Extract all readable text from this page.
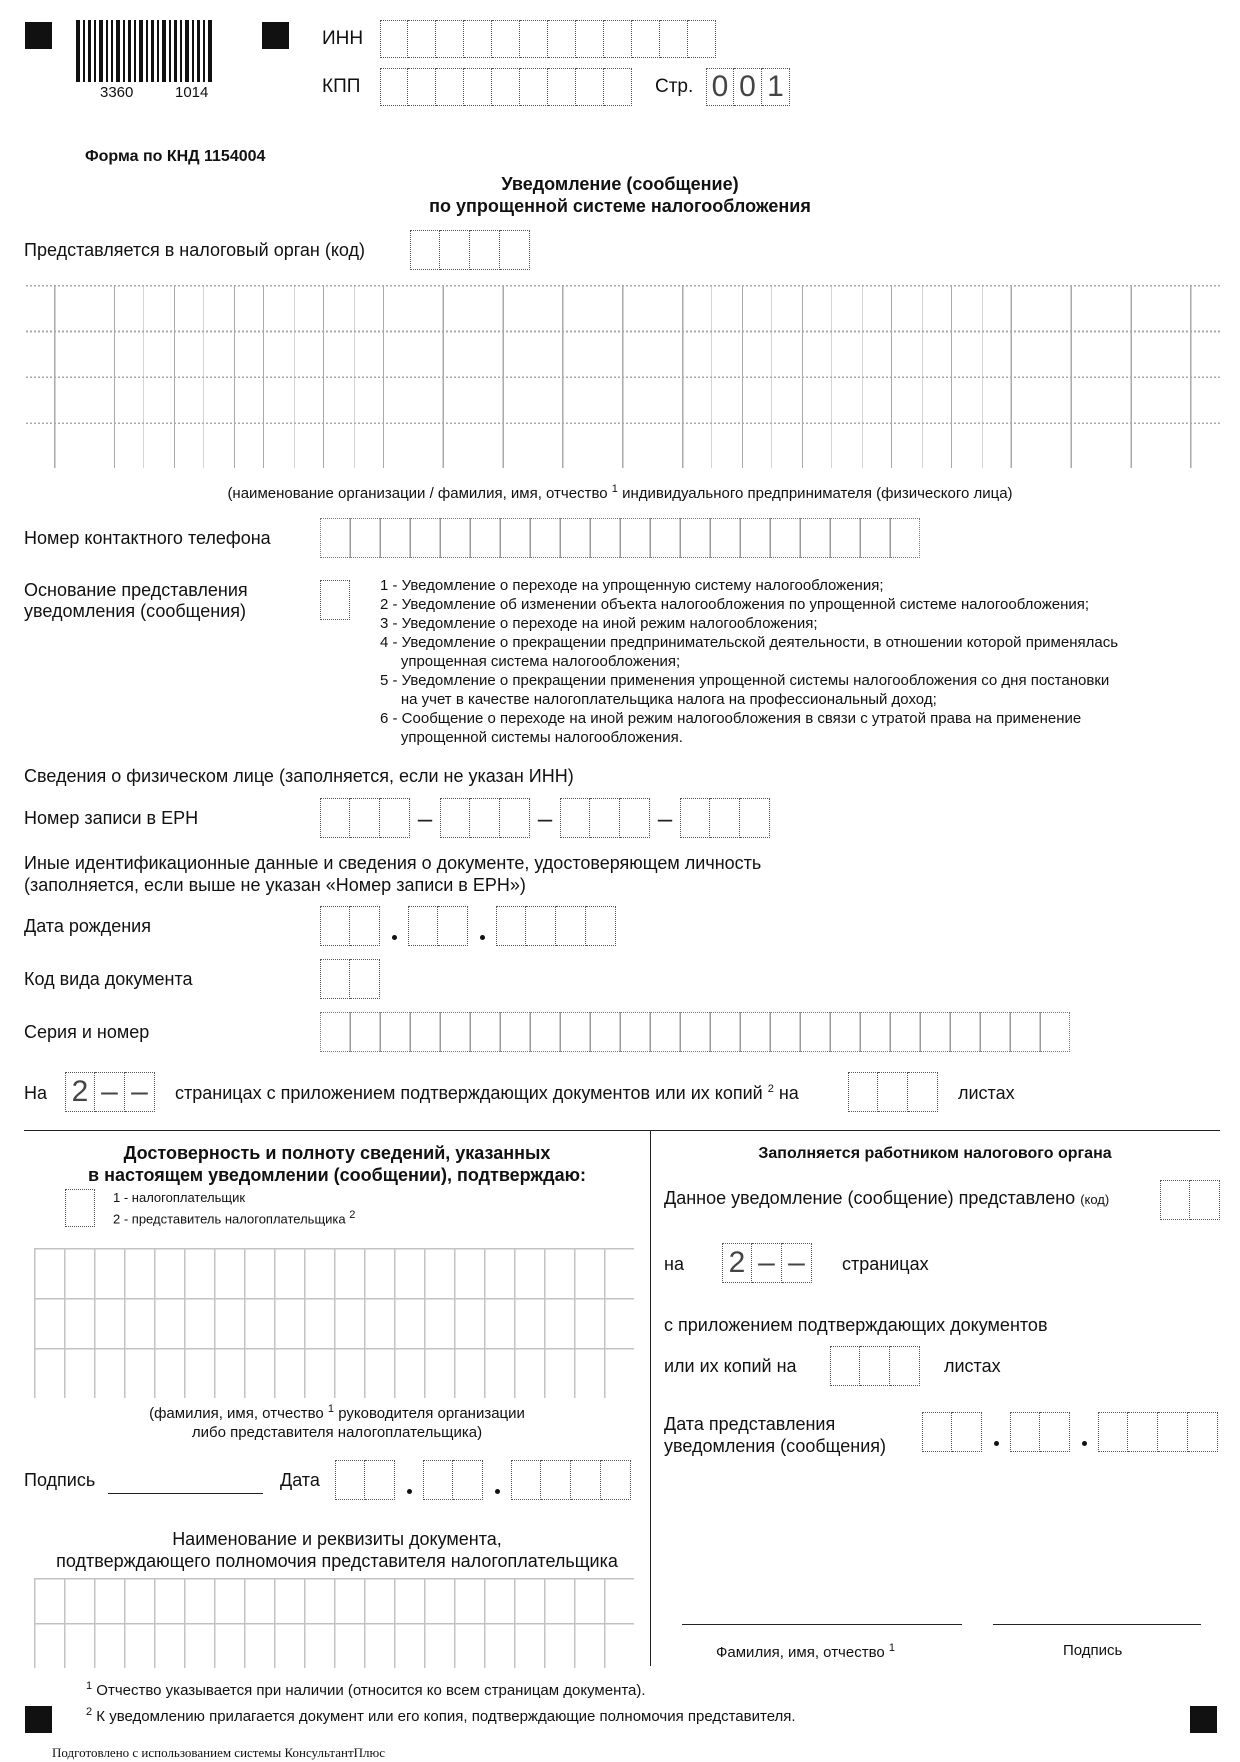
3360	1014
ИНН
КПП	Стр. 0 0 1
Форма по КНД 1154004
Уведомление (сообщение)
по упрощенной системе налогообложения
Представляется в налоговый орган (код)
(наименование организации / фамилия, имя, отчество $^1$ индивидуального предпринимателя (физического лица)
Номер контактного телефона
Основание представления
уведомления (сообщения)
1 - Уведомление о переходе на упрощенную систему налогообложения;
2 - Уведомление об изменении объекта налогообложения по упрощенной системе налогообложения;
3 - Уведомление о переходе на иной режим налогообложения;
4 - Уведомление о прекращении предпринимательской деятельности, в отношении которой применялась
упрощенная система налогообложения;
5 - Уведомление о прекращении применения упрощенной системы налогообложения со дня постановки
на учет в качестве налогоплательщика налога на профессиональный доход;
6 - Сообщение о переходе на иной режим налогообложения в связи с утратой права на применение
упрощенной системы налогообложения.
Сведения о физическом лице (заполняется, если не указан ИНН)
Номер записи в ЕРН	–	–	–
Иные идентификационные данные и сведения о документе, удостоверяющем личность
(заполняется, если выше не указан «Номер записи в ЕРН»)
Дата рождения
Код вида документа
Серия и номер
На 2 – –	страницах с приложением подтверждающих документов или их копий $^2$ на	листах
Достоверность и полноту сведений, указанных
в настоящем уведомлении (сообщении), подтверждаю:
1 - налогоплательщик
2 - представитель налогоплательщика $^2$
(фамилия, имя, отчество $^1$ руководителя организации
либо представителя налогоплательщика)
Подпись	Дата
Наименование и реквизиты документа,
подтверждающего полномочия представителя налогоплательщика
Заполняется работником налогового органа
Данное уведомление (сообщение) представлено (код)
на 2 – –	страницах
с приложением подтверждающих документов
или их копий на	листах
Дата представления
уведомления (сообщения)
Фамилия, имя, отчество $^1$	Подпись
$^1$ Отчество указывается при наличии (относится ко всем страницам документа).
$^2$ К уведомлению прилагается документ или его копия, подтверждающие полномочия представителя.
Подготовлено с использованием системы КонсультантПлюс
